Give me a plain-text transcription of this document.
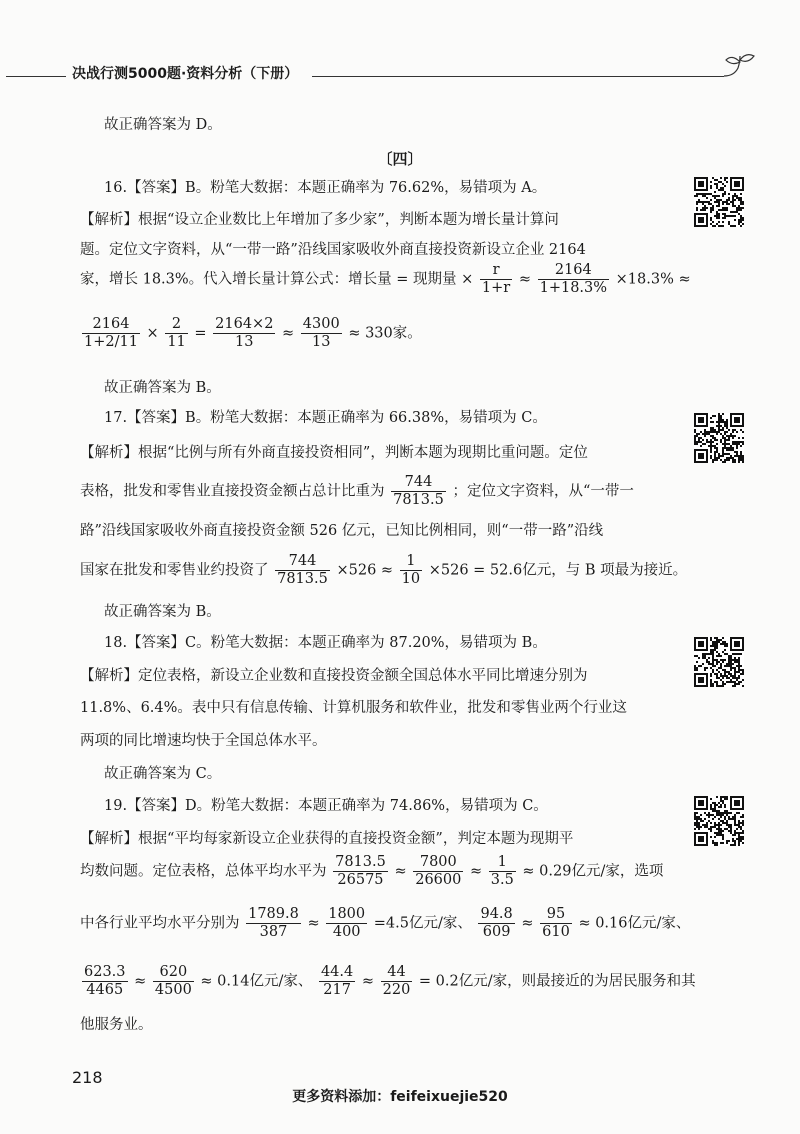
决战行测5000题·资料分析（下册）
故正确答案为 D。
〔四〕
16.【答案】B。粉笔大数据：本题正确率为 76.62%，易错项为 A。
【解析】根据“设立企业数比上年增加了多少家”，判断本题为增长量计算问
题。定位文字资料，从“一带一路”沿线国家吸收外商直接投资新设立企业 2164
家，增长 18.3%。代入增长量计算公式：增长量 = 现期量 × $\frac{r}{1+r} \approx \frac{2164}{1+18.3\%} \times 18.3\%$ ≈
$\frac{2164}{1+2/11} \times \frac{2}{11} = \frac{2164\times 2}{13} \approx \frac{4300}{13} \approx 330$家。
故正确答案为 B。
17.【答案】B。粉笔大数据：本题正确率为 66.38%，易错项为 C。
【解析】根据“比例与所有外商直接投资相同”，判断本题为现期比重问题。定位
表格，批发和零售业直接投资金额占总计比重为 $\frac{744}{7813.5}$ ；定位文字资料，从“一带一
路”沿线国家吸收外商直接投资金额 526 亿元，已知比例相同，则“一带一路”沿线
国家在批发和零售业约投资了 $\frac{744}{7813.5} \times 526 \approx \frac{1}{10} \times 526 = 52.6$亿元，与 B 项最为接近。
故正确答案为 B。
18.【答案】C。粉笔大数据：本题正确率为 87.20%，易错项为 B。
【解析】定位表格，新设立企业数和直接投资金额全国总体水平同比增速分别为
11.8%、6.4%。表中只有信息传输、计算机服务和软件业，批发和零售业两个行业这
两项的同比增速均快于全国总体水平。
故正确答案为 C。
19.【答案】D。粉笔大数据：本题正确率为 74.86%，易错项为 C。
【解析】根据“平均每家新设立企业获得的直接投资金额”，判定本题为现期平
均数问题。定位表格，总体平均水平为 $\frac{7813.5}{26575} \approx \frac{7800}{26600} \approx \frac{1}{3.5} \approx 0.29$亿元/家，选项
中各行业平均水平分别为 $\frac{1789.8}{387} \approx \frac{1800}{400} =4.5$亿元/家、 $\frac{94.8}{609} \approx \frac{95}{610} \approx 0.16$亿元/家、
$\frac{623.3}{4465} \approx \frac{620}{4500} \approx 0.14$亿元/家、 $\frac{44.4}{217} \approx \frac{44}{220} = 0.2$亿元/家，则最接近的为居民服务和其
他服务业。
218
更多资料添加：feifeixuejie520
